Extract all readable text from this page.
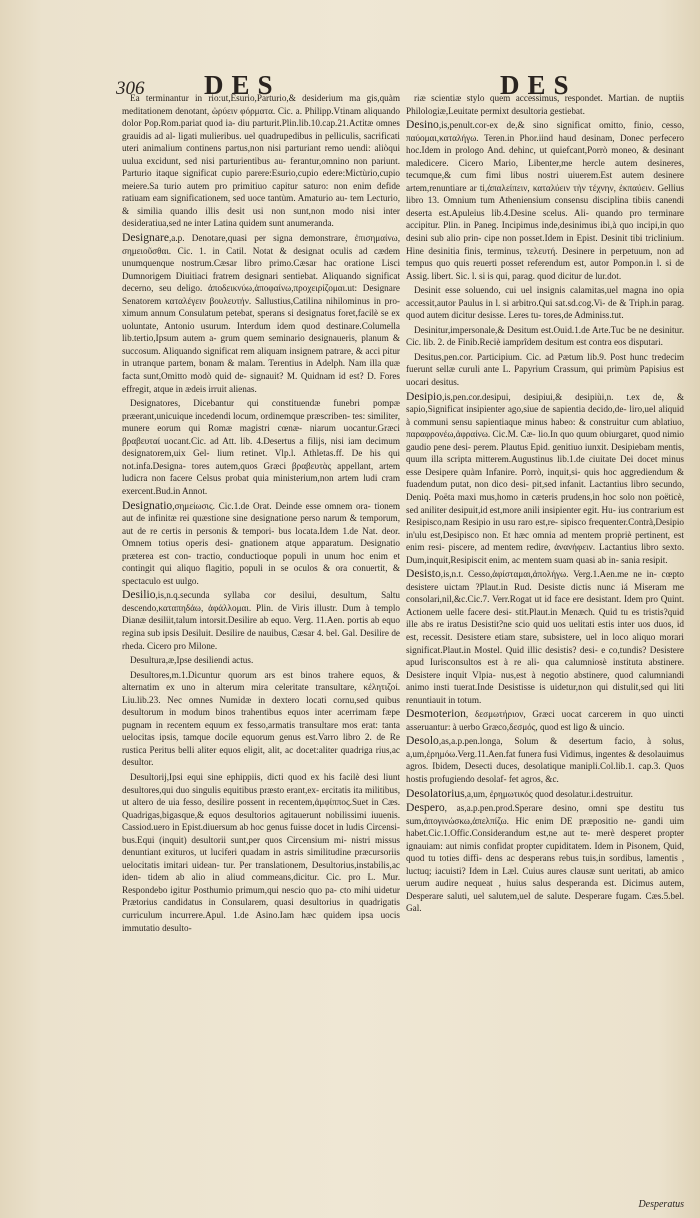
306 DES	DES

Ea terminantur in rio:ut,Esurio,Parturio,& desiderium ma gis,quàm meditationem denotant, ὠρύειν φόρματα. Cic. a. Philipp.Vtinam aliquando dolor Pop.Rom.pariat quod ia- diu parturit.Plin.lib.10.cap.21.Actitæ omnes grauidis ad al- ligati mulieribus. uel quadrupedibus in pelliculis, sacrificati uteri animalium continens partus,non nisi parturiant remo uendi: aliòqui uulua excidunt, sed nisi parturientibus au- ferantur,omnino non pariunt. Parturio itaque significat cupio parere:Esurio,cupio edere:Mictùrio,cupio meiere.Sa turio autem pro primitiuo capitur saturo: non enim defide ratiuam eam significationem, sed uoce tantùm. Amaturio au- tem Lecturio, & similia quando illis desit usi non sunt,non modo nisi inter desideratiua,sed ne inter Latina quidem sunt anumeranda.

Designare,a.p. Denotare,quasi per signa demonstrare, ἐπισημαίνω, σημειοῦσθαι. Cic. 1. in Catil. Notat & designat oculis ad cædem unumquenque nostrum.Cæsar libro primo.Cæsar hac oratione Lisci Dumnorigem Diuitiaci fratrem designari sentiebat. Aliquando significat decerno, seu deligo. ἀποδεικνύω,ἀποφαίνω,προχειρίζομαι.ut: Designare Senatorem καταλέγειν βουλευτήν. Sallustius,Catilina nihilominus in pro- ximum annum Consulatum petebat, sperans si designatus foret,facilè se ex uoluntate, Antonio usurum. Interdum idem quod destinare.Columella lib.tertio,Ipsum autem a- grum quem seminario designaueris, planum & succosum. Aliquando significat rem aliquam insignem patrare, & acci pitur in utranque partem, bonam & malam. Terentius in Adelph. Nam illa quæ facta sunt,Omitto modò quid de- signauit? M. Quidnam id est? D. Fores effregit, atque in ædeis irruit alienas.

Designatores, Dicebantur qui constituendæ funebri pompæ præerant,unicuique incedendi locum, ordinemque præscriben- tes: similiter, munere eorum qui Romæ magistri cœnæ- niarum uocantur.Græci βραβευταί uocant.Cic. ad Att. lib. 4.Desertus a filijs, nisi iam decimum designatorem,uix Gel- lium retinet. Vlp.l. Athletas.ff. De his qui not.infa.Designa- tores autem,quos Græci βραβευτὰς appellant, artem ludicra non facere Celsus probat quia ministerium,non artem ludi cram exercent.Bud.in Annot.

Designatio,σημείωσις. Cic.1.de Orat. Deinde esse omnem ora- tionem aut de infinitæ rei quæstione sine designatione perso narum & temporum, aut de re certis in personis & tempori- bus locata.Idem 1.de Nat. deor. Omnem totius operis desi- gnationem atque apparatum. Designatio præterea est con- tractio, conductioque populi in unum hoc enim et contingit qui aliquo flagitio, populi in se oculos & ora conuertit, & spectaculo est uulgo.

Desilio,is,n.q.secunda syllaba cor desilui, desultum, Saltu descendo,καταπηδάω, ἀφάλλομαι. Plin. de Viris illustr. Dum à templo Dianæ desiliit,talum intorsit.Desilire ab equo. Verg. 11.Aen. portis ab equo regina sub ipsis Desiluit. Desilire de nauibus, Cæsar 4. bel. Gal. Desilire de rheda. Cicero pro Milone.

Desultura,æ,Ipse desiliendi actus.

Desultores,m.1.Dicuntur quorum ars est binos trahere equos, & alternatim ex uno in alterum mira celeritate transultare, κέλητιζοί. Liu.lib.23. Nec omnes Numidæ in dextero locati cornu,sed quibus desultorum in modum binos trahentibus equos inter acerrimam fæpe pugnam in recentem equum ex fesso,armatis transultare mos erat: tanta uelocitas ipsis, tamque docile equorum genus est.Varro libro 2. de Re rustica Peritus belli aliter equos eligit, alit, ac docet:aliter quadriga rius,ac desultor.

Desultorij,Ipsi equi sine ephippiis, dicti quod ex his facilè desi liunt desultores,qui duo singulis equitibus præsto erant,ex- ercitatis ita militibus, ut altero de uia fesso, desilire possent in recentem,ἀμφίππος.Suet in Cæs. Quadrigas,bigasque,& equos desultorios agitauerunt nobilissimi iuuenis. Cassiod.uero in Epist.diuersum ab hoc genus fuisse docet in ludis Circensi- bus.Equi (inquit) desultorii sunt,per quos Circensium mi- nistri missus denuntiant exituros, ut luciferi quadam in astris similitudine præcursoriis uelocitatis imitari uidean- tur. Per translationem, Desultorius,instabilis,ac iden- tidem ab alio in aliud commeans,dicitur. Cic. pro L. Mur. Respondebo igitur Posthumio primum,qui nescio quo pa- cto mihi uidetur Prætorius candidatus in Consularem, quasi desultorius in quadrigatis curriculum incurrere.Apul. 1.de Asino.Iam hæc quidem ipsa uocis immutatio desulto-

riæ scientiæ stylo quem accessimus, respondet. Martian. de nuptiis Philologiæ,Leuitate permixt desultoria gestiebat.

Desino,is,penult.cor-ex de,& sino significat omitto, finio, cesso, παύομαι,καταλήγω. Teren.in Phor.iind haud desinam, Donec perfecero hoc.Idem in prologo And. dehinc, ut quiefcant,Porrò moneo, & desinant maledicere. Cicero Mario, Libenter,me hercle autem desineres, tecumque,& cum fimi libus nostri uiuerem.Est autem desinere artem,renuntiare ar ti,ἀπαλείπειν, καταλύειν τὴν τέχνην, ἐκπαύειν. Gellius libro 13. Omnium tum Atheniensium consensu disciplina tibiis canendi deserta est.Apuleius lib.4.Desine scelus. Ali- quando pro terminare accipitur. Plin. in Paneg. Incipimus inde,desinimus ibi,à quo incipi,in quo desini sub alio prin- cipe non posset.Idem in Epist. Desinit tibi triclinium. Hine desinitia finis, terminus, τελευτή. Desinere in perpetuum, non ad tempus quo quis reuerti posset referendum est, autor Pompon.in l. si de Assig. libert. Sic. l. si is qui, parag. quod dicitur de lur.dot.

Desinit esse soluendo, cui uel insignis calamitas,uel magna ino opia accessit,autor Paulus in l. si arbitro.Qui sat.sd.cog.Vi- de & Triph.in parag. quod autem dicitur desisse. Leres tu- tores,de Adminiss.tut.

Desinitur,impersonale,& Desitum est.Ouid.1.de Arte.Tuc be ne desinitur. Cic. lib. 2. de Finib.Reciè iamprîdem desitum est contra eos disputari.

Desitus,pen.cor. Participium. Cic. ad Pætum lib.9. Post hunc tredecim fuerunt sellæ curuli ante L. Papyrium Crassum, qui primùm Papisius est uocari desitus.

Desipio,is,pen.cor.desipui, desipiui,& desipiùi,n. t.ex de, & sapio,Significat insipienter ago,siue de sapientia decido,de- liro,uel aliquid à communi sensu sapientiaque minus habeo: & construitur cum ablatiuo, παραφρονέω,ἀφραίνω. Cic.M. Cæ- lio.In quo quum obiurgaret, quod nimio gaudio pene desi- perem. Plautus Epid. genitiuo iunxit. Desipiebam mentis, quum illa scripta mitterem.Augustinus lib.1.de ciuitate Dei docet minus esse Desipere quàm Infanire. Porrò, inquit,si- quis hoc aggrediendum & fuadendum putat, non dico desi- pit,sed infanit. Lactantius libro secundo, Deniq. Poëta maxi mus,homo in cæteris prudens,in hoc solo non poëticè, sed aniliter desipuit,id est,more anili insipienter egit. Hu- ius contrarium est Resipisco,nam Resipio in usu raro est,re- sipisco frequenter.Contrà,Desipio in'ulu est,Desipisco non. Et hæc omnia ad mentem propriè pertinent, est enim resi- piscere, ad mentem redire, ἀνανήφειν. Lactantius libro sexto. Dum,inquit,Resipiscit enim, ac mentem suam quasi ab in- sania resipit.

Desisto,is,n.t. Cesso,ἀφίσταμαι,ἀπολήγω. Verg.1.Aen.me ne in- cœpto desistere uictam ?Plaut.in Rud. Desiste dictis nunc iá Miseram me consolari,nil,&c.Cic.7. Verr.Rogat ut id face ere desistant. Idem pro Quint. Actionem uelle facere desi- stit.Plaut.in Menæch. Quid tu es tristis?quid ille abs re iratus Desistit?ne scio quid uos uelitati estis inter uos duos, id est, recessit. Desistere etiam stare, subsistere, uel in loco aliquo morari significat.Plaut.in Mostel. Quid illic desistis? desi- e co,tundis? Desistere apud Iurisconsultos est à re ali- qua calumniosè instituta abstinere. Desistere inquit Vlpia- nus,est à negotio abstinere, quod calumniandi animo insti tuerat.Inde Desistisse is uidetur,non qui distulit,sed qui liti renuntiauit in totum.

Desmoterion, δεσμωτήριον, Græci uocat carcerem in quo uincti asseruantur: à uerbo Græco,δεσμός, quod est ligo & uincio.

Desolo,as,a.p.pen.longa, Solum & desertum facio, à solus, a,um,ἐρημόω.Verg.11.Aen.fat funera fusi Vidimus, ingentes & desolauimus agros. Ibidem, Desecti duces, desolatique manipli.Col.lib.1. cap.3. Quos hostis profugiendo desolaf- fet agros, &c.

Desolatorius,a,um, ἐρημωτικός quod desolatur.i.destruitur.

Despero, as,a.p.pen.prod.Sperare desino, omni spe destitu tus sum,ἀπογινώσκω,ἀπελπίζω. Hic enim DE præpositio ne- gandi uim habet.Cic.1.Offic.Considerandum est,ne aut te- merè desperet propter ignauiam: aut nimis confidat propter cupiditatem. Idem in Pisonem, Quid, quod tu toties diffi- dens ac desperans rebus tuis,in sordibus, lamentis , luctuq; iacuisti? Idem in Læl. Cuius aures clausæ sunt ueritati, ab amico uerum audire nequeat , huius salus desperanda est. Dicimus autem, Desperare saluti, uel salutem,uel de salute. Desperare fugam. Cæs.5.bel. Gal.

Desperatus
